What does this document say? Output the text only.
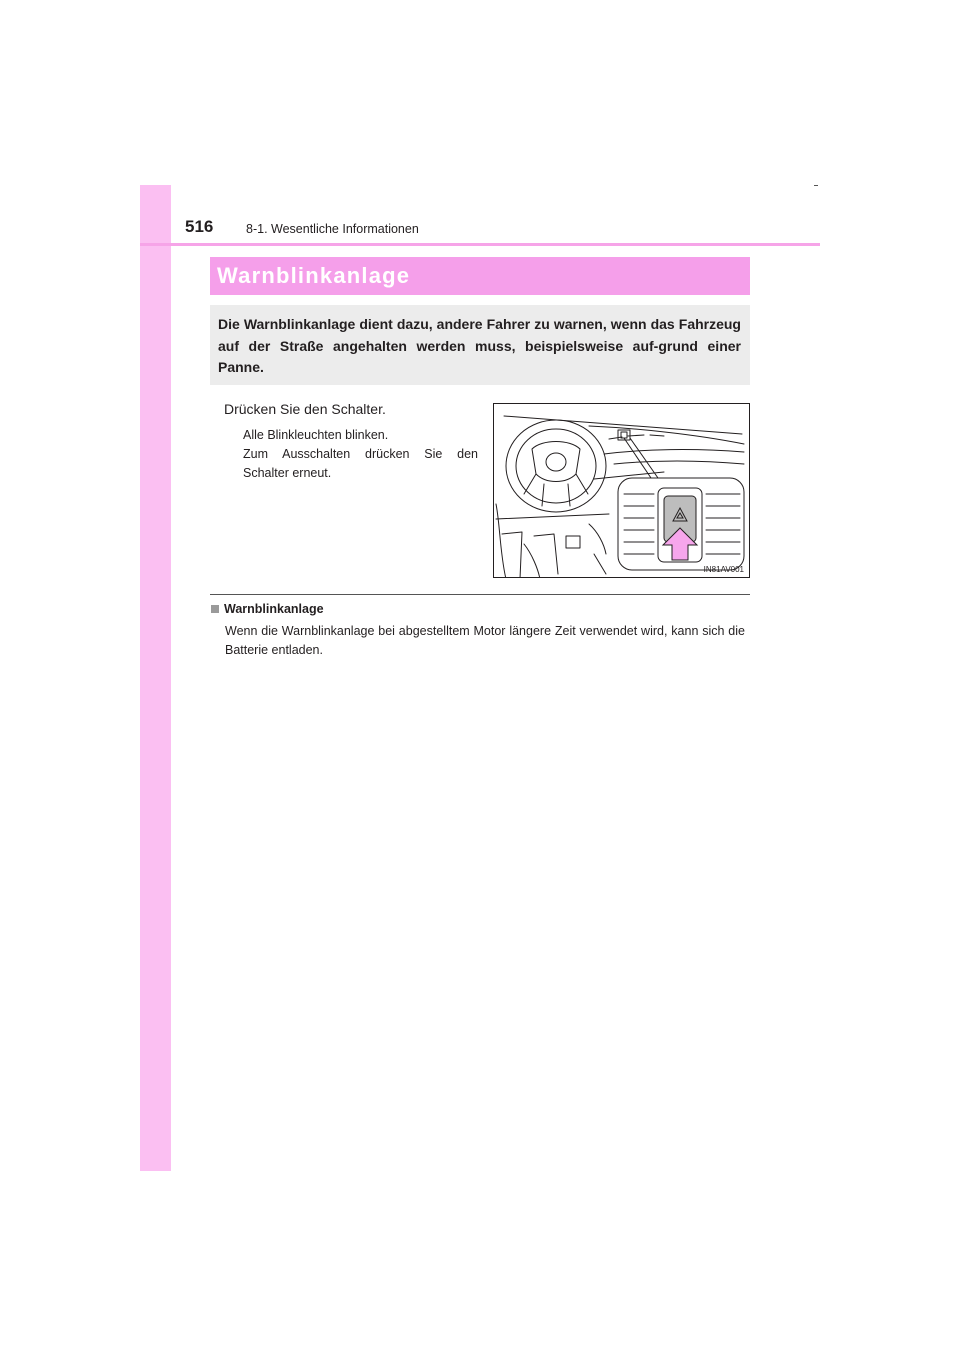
516	8-1. Wesentliche Informationen
Warnblinkanlage

Die Warnblinkanlage dient dazu, andere Fahrer zu warnen, wenn das Fahrzeug auf der Straße angehalten werden muss, beispielsweise auf-grund einer Panne.

Drücken Sie den Schalter.

Alle Blinkleuchten blinken.

Zum Ausschalten drücken Sie den Schalter erneut.

IN81AV001
Warnblinkanlage

Wenn die Warnblinkanlage bei abgestelltem Motor längere Zeit verwendet wird, kann sich die Batterie entladen.
